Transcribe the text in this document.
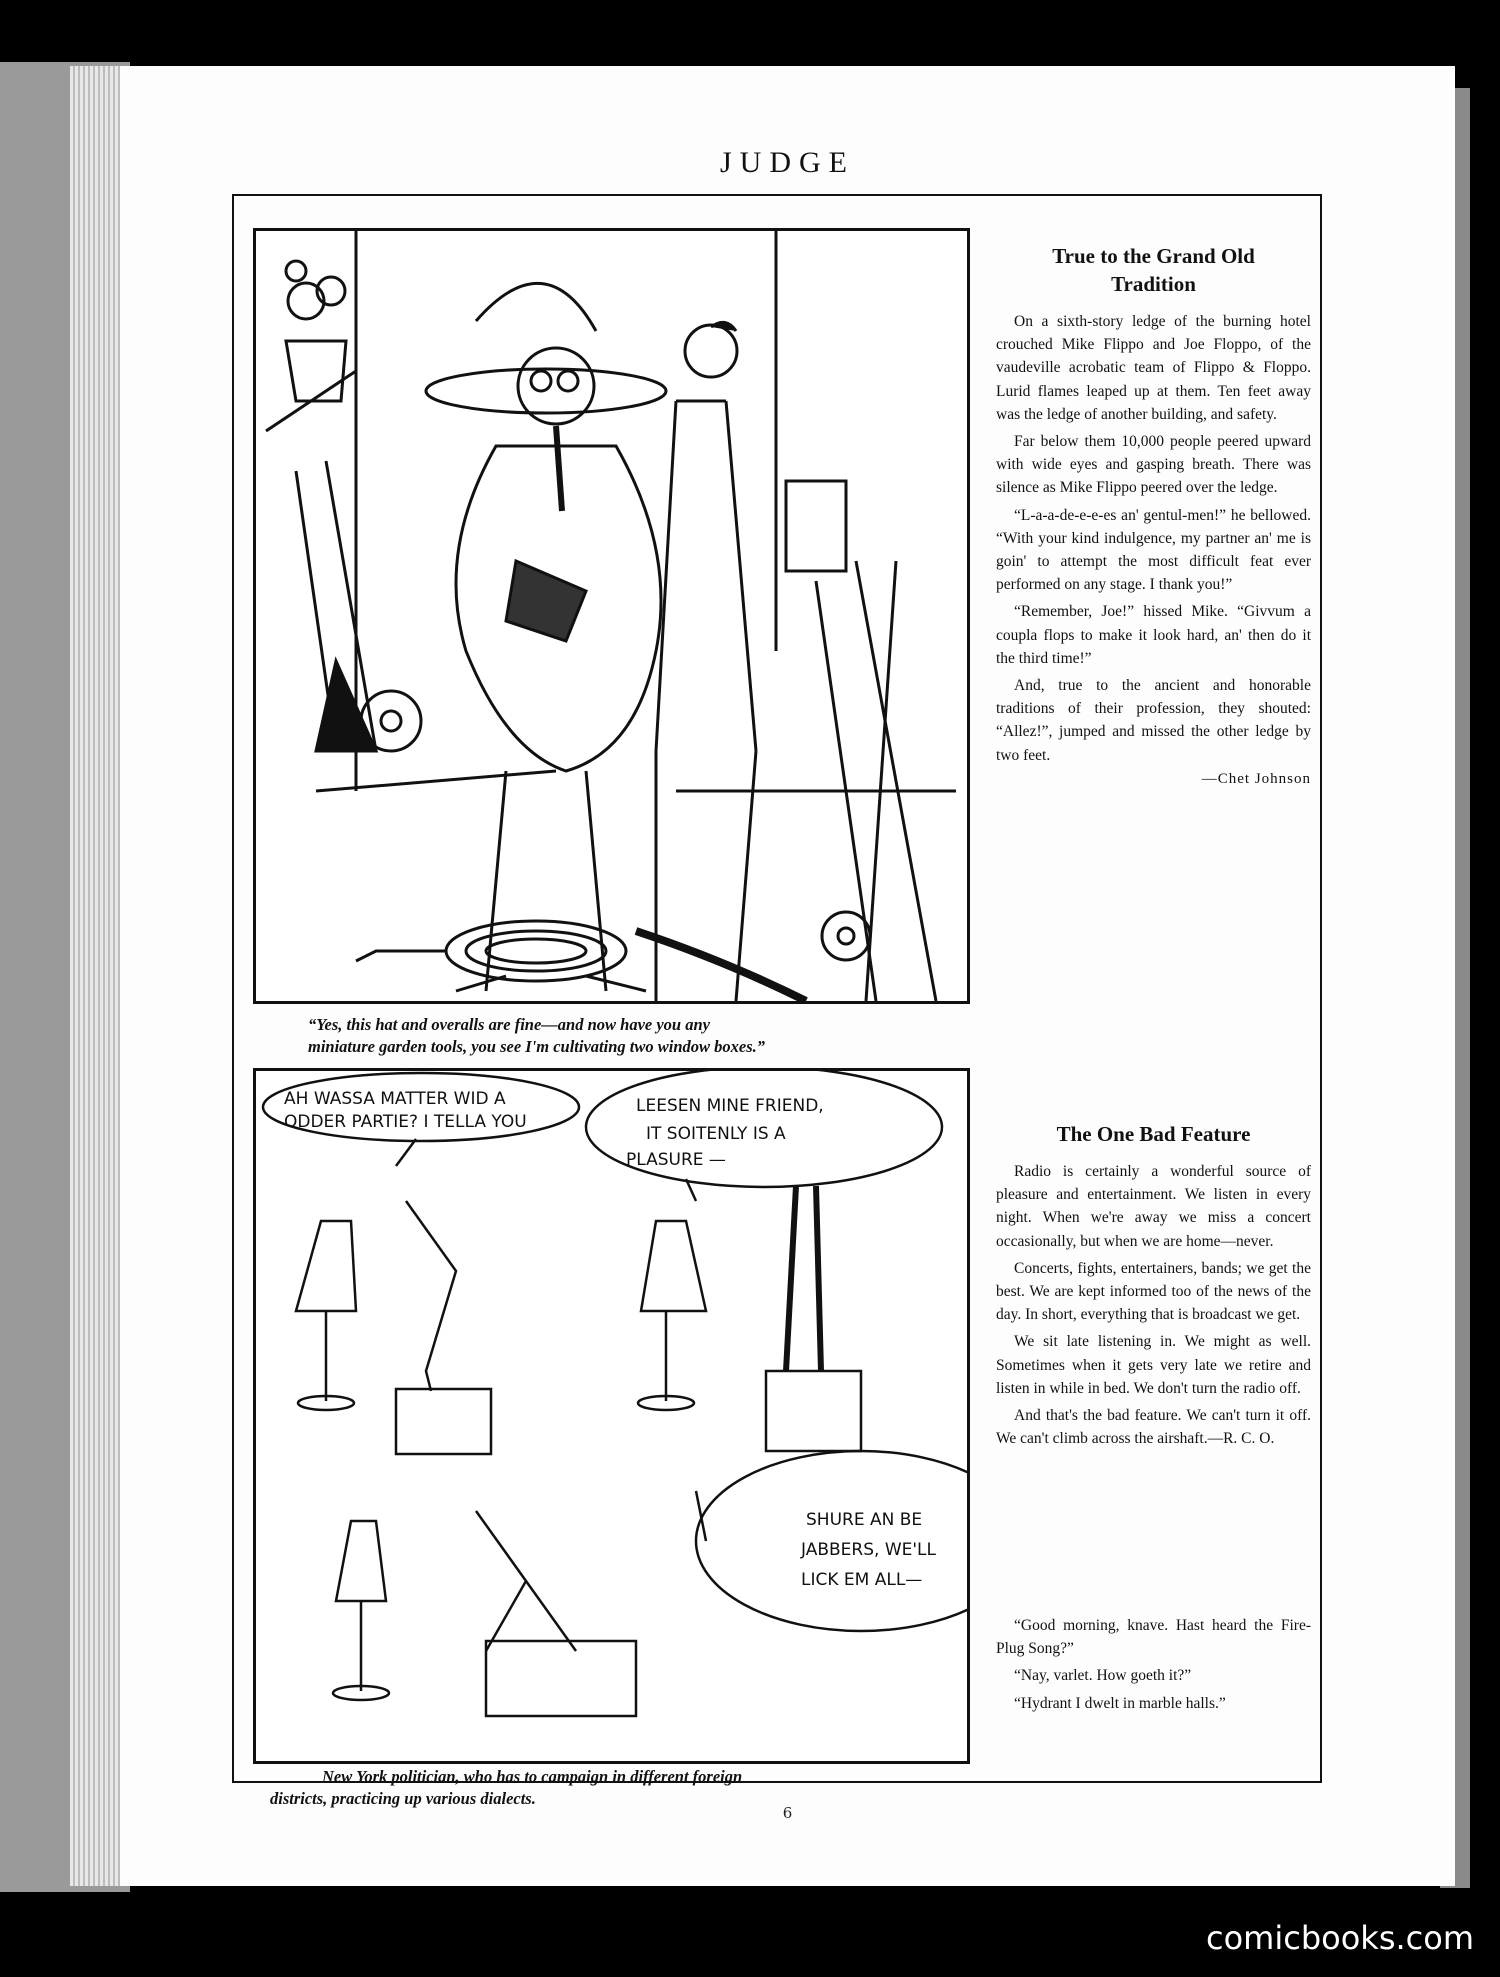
JUDGE
“Yes, this hat and overalls are fine—and now have you any
miniature garden tools, you see I'm cultivating two window boxes.”
AH WASSA MATTER WID A
ODDER PARTIE? I TELLA YOU
LEESEN MINE FRIEND,
IT SOITENLY IS A
PLASURE —
SHURE AN BE
JABBERS, WE'LL
LICK EM ALL—
New York politician, who has to campaign in different foreign
districts, practicing up various dialects.
True to the Grand Old Tradition

On a sixth-story ledge of the burning hotel crouched Mike Flippo and Joe Floppo, of the vaudeville acrobatic team of Flippo & Floppo. Lurid flames leaped up at them. Ten feet away was the ledge of another building, and safety.

Far below them 10,000 people peered upward with wide eyes and gasping breath. There was silence as Mike Flippo peered over the ledge.

“L-a-a-de-e-e-es an' gentul-men!” he bellowed. “With your kind indulgence, my partner an' me is goin' to attempt the most difficult feat ever performed on any stage. I thank you!”

“Remember, Joe!” hissed Mike. “Givvum a coupla flops to make it look hard, an' then do it the third time!”

And, true to the ancient and honorable traditions of their profession, they shouted: “Allez!”, jumped and missed the other ledge by two feet.

—Chet Johnson
The One Bad Feature

Radio is certainly a wonderful source of pleasure and entertainment. We listen in every night. When we're away we miss a concert occasionally, but when we are home—never.

Concerts, fights, entertainers, bands; we get the best. We are kept informed too of the news of the day. In short, everything that is broadcast we get.

We sit late listening in. We might as well. Sometimes when it gets very late we retire and listen in while in bed. We don't turn the radio off.

And that's the bad feature. We can't turn it off. We can't climb across the airshaft.—R. C. O.

“Good morning, knave. Hast heard the Fire-Plug Song?”

“Nay, varlet. How goeth it?”

“Hydrant I dwelt in marble halls.”

6
comicbooks.com
